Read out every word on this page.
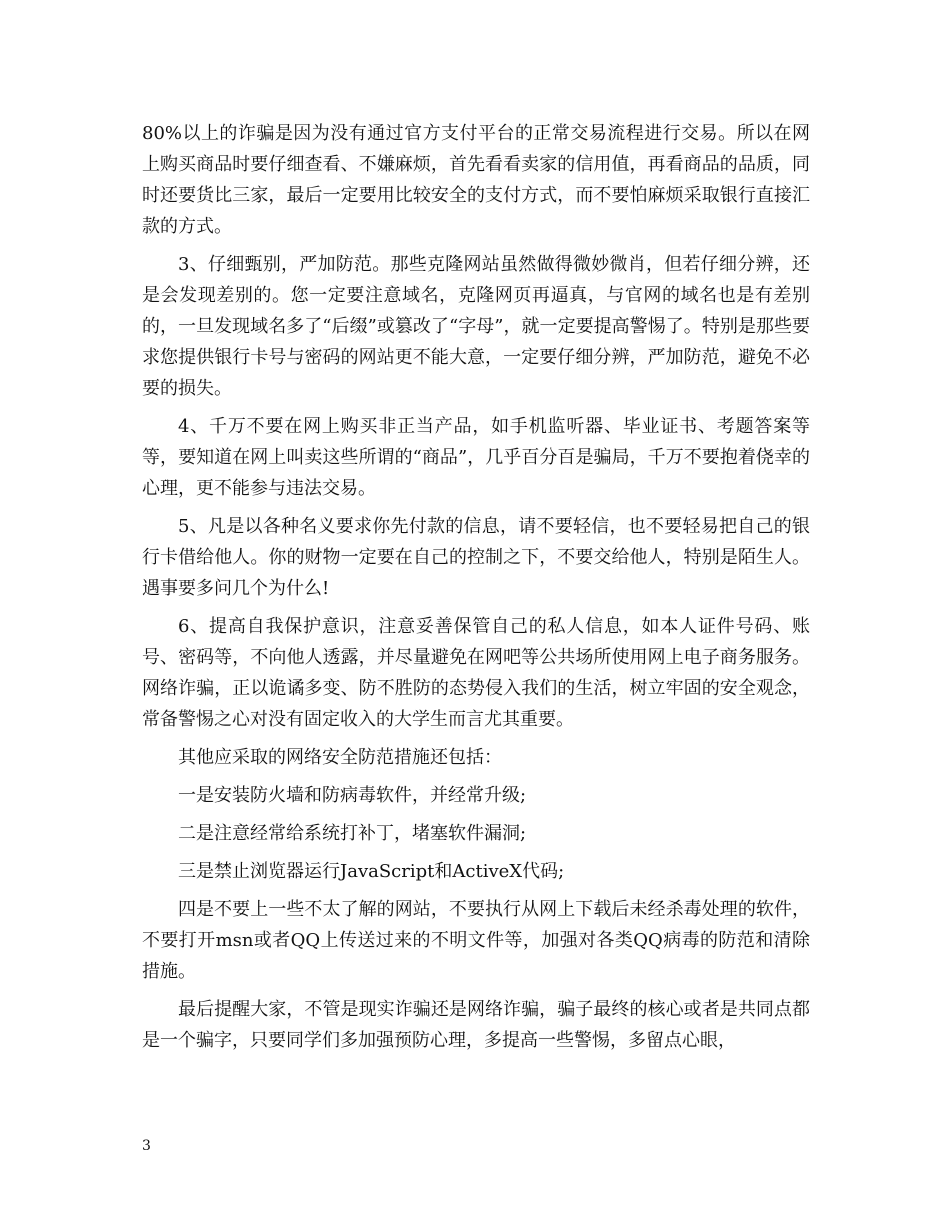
80%以上的诈骗是因为没有通过官方支付平台的正常交易流程进行交易。所以在网上购买商品时要仔细查看、不嫌麻烦，首先看看卖家的信用值，再看商品的品质，同时还要货比三家，最后一定要用比较安全的支付方式，而不要怕麻烦采取银行直接汇款的方式。

3、仔细甄别，严加防范。那些克隆网站虽然做得微妙微肖，但若仔细分辨，还是会发现差别的。您一定要注意域名，克隆网页再逼真，与官网的域名也是有差别的，一旦发现域名多了“后缀”或篡改了“字母”，就一定要提高警惕了。特别是那些要求您提供银行卡号与密码的网站更不能大意，一定要仔细分辨，严加防范，避免不必要的损失。

4、千万不要在网上购买非正当产品，如手机监听器、毕业证书、考题答案等等，要知道在网上叫卖这些所谓的“商品”，几乎百分百是骗局，千万不要抱着侥幸的心理，更不能参与违法交易。

5、凡是以各种名义要求你先付款的信息，请不要轻信，也不要轻易把自己的银行卡借给他人。你的财物一定要在自己的控制之下，不要交给他人，特别是陌生人。遇事要多问几个为什么!

6、提高自我保护意识，注意妥善保管自己的私人信息，如本人证件号码、账号、密码等，不向他人透露，并尽量避免在网吧等公共场所使用网上电子商务服务。网络诈骗，正以诡谲多变、防不胜防的态势侵入我们的生活，树立牢固的安全观念，常备警惕之心对没有固定收入的大学生而言尤其重要。

其他应采取的网络安全防范措施还包括：

一是安装防火墙和防病毒软件，并经常升级;

二是注意经常给系统打补丁，堵塞软件漏洞;

三是禁止浏览器运行JavaScript和ActiveX代码;

四是不要上一些不太了解的网站，不要执行从网上下载后未经杀毒处理的软件，不要打开msn或者QQ上传送过来的不明文件等，加强对各类QQ病毒的防范和清除措施。

最后提醒大家，不管是现实诈骗还是网络诈骗，骗子最终的核心或者是共同点都是一个骗字，只要同学们多加强预防心理，多提高一些警惕，多留点心眼，

3
